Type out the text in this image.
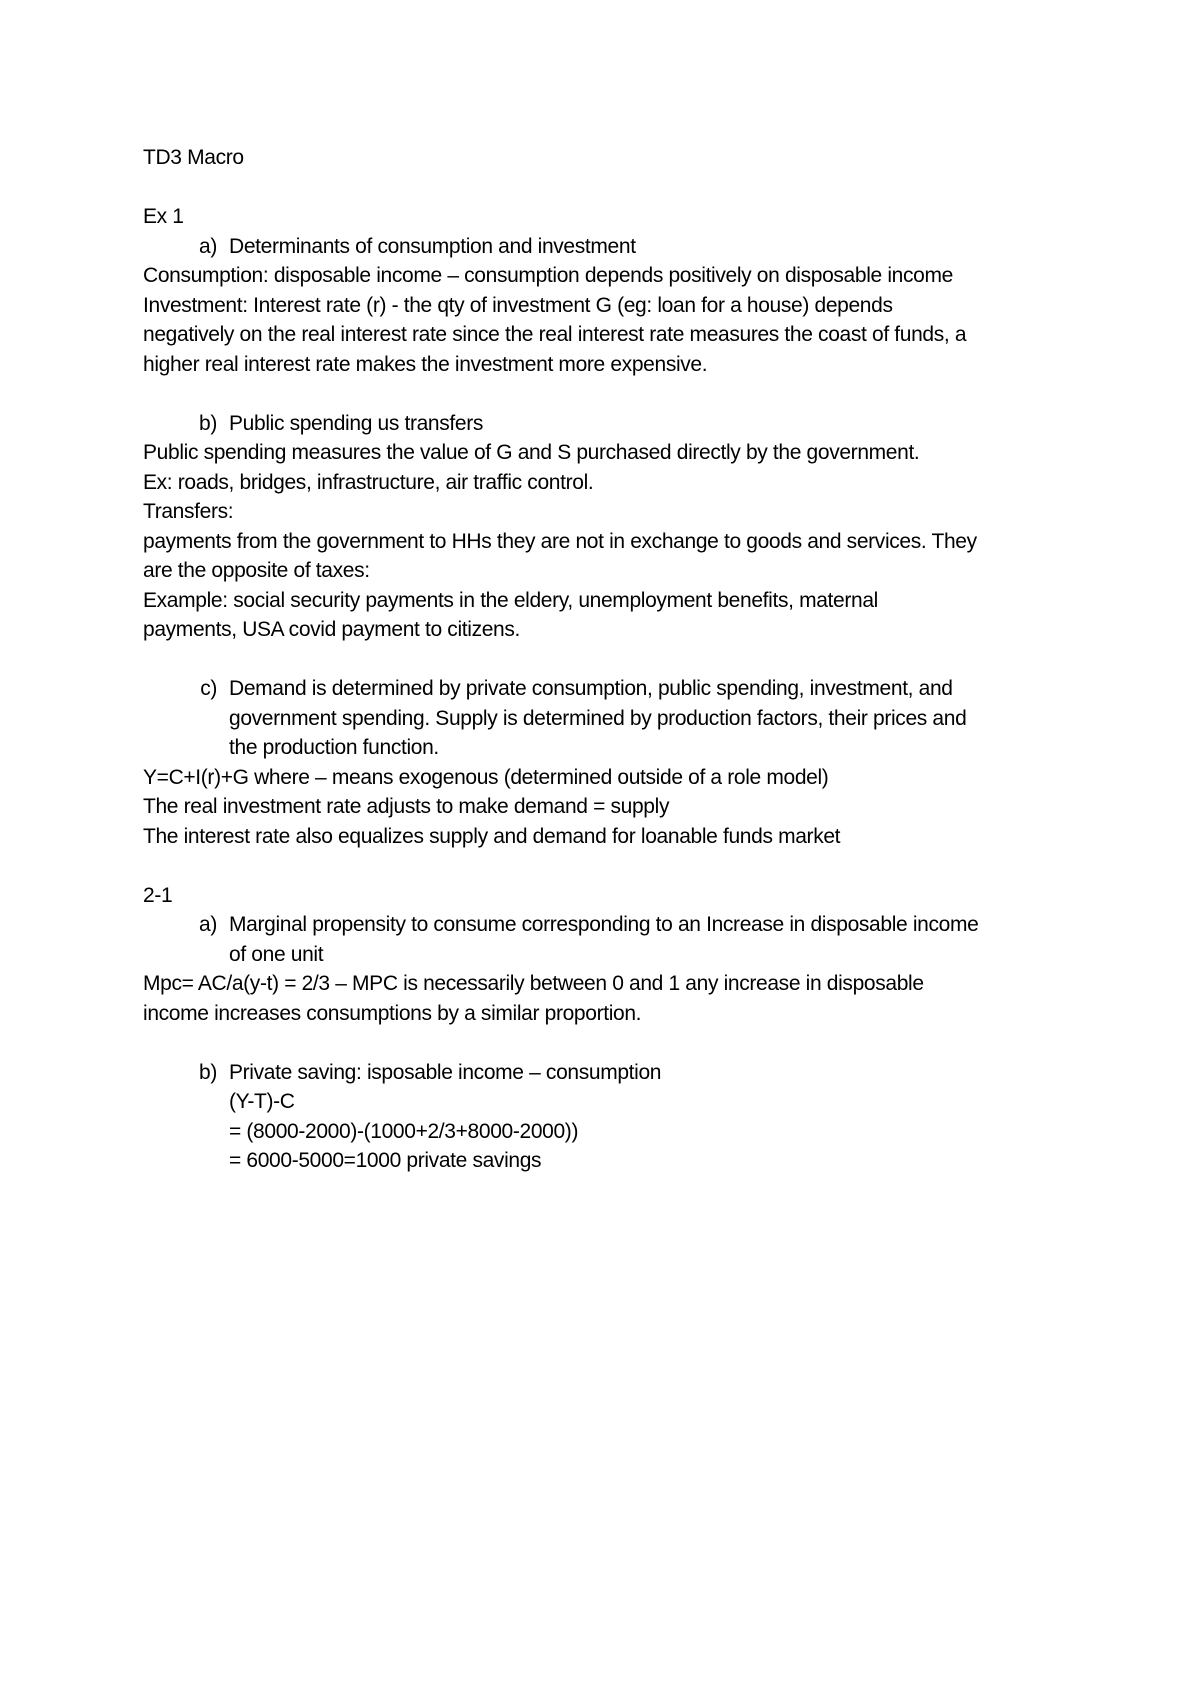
TD3 Macro
Ex 1
a) Determinants of consumption and investment
Consumption: disposable income – consumption depends positively on disposable income
Investment: Interest rate (r) - the qty of investment G (eg: loan for a house) depends
negatively on the real interest rate since the real interest rate measures the coast of funds, a
higher real interest rate makes the investment more expensive.
b) Public spending us transfers
Public spending measures the value of G and S purchased directly by the government.
Ex: roads, bridges, infrastructure, air traffic control.
Transfers:
payments from the government to HHs they are not in exchange to goods and services. They
are the opposite of taxes:
Example: social security payments in the eldery, unemployment benefits, maternal
payments, USA covid payment to citizens.
c) Demand is determined by private consumption, public spending, investment, and
government spending. Supply is determined by production factors, their prices and
the production function.
Y=C+I(r)+G where – means exogenous (determined outside of a role model)
The real investment rate adjusts to make demand = supply
The interest rate also equalizes supply and demand for loanable funds market
2-1
a) Marginal propensity to consume corresponding to an Increase in disposable income
of one unit
Mpc= AC/a(y-t) = 2/3 – MPC is necessarily between 0 and 1 any increase in disposable
income increases consumptions by a similar proportion.
b) Private saving: isposable income – consumption
(Y-T)-C
= (8000-2000)-(1000+2/3+8000-2000))
= 6000-5000=1000 private savings
